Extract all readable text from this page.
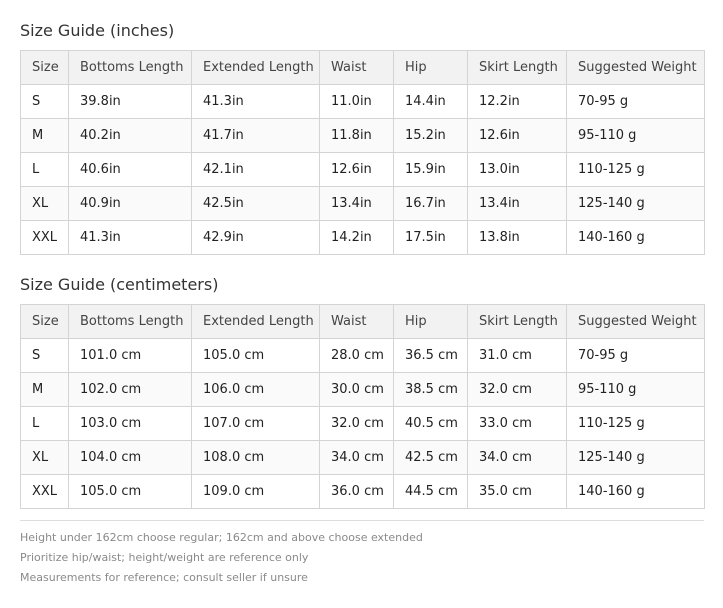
Size Guide (inches)
Size	Bottoms Length	Extended Length	Waist	Hip	Skirt Length	Suggested Weight
S	39.8in	41.3in	11.0in	14.4in	12.2in	70-95 g
M	40.2in	41.7in	11.8in	15.2in	12.6in	95-110 g
L	40.6in	42.1in	12.6in	15.9in	13.0in	110-125 g
XL	40.9in	42.5in	13.4in	16.7in	13.4in	125-140 g
XXL	41.3in	42.9in	14.2in	17.5in	13.8in	140-160 g
Size Guide (centimeters)
Size	Bottoms Length	Extended Length	Waist	Hip	Skirt Length	Suggested Weight
S	101.0 cm	105.0 cm	28.0 cm	36.5 cm	31.0 cm	70-95 g
M	102.0 cm	106.0 cm	30.0 cm	38.5 cm	32.0 cm	95-110 g
L	103.0 cm	107.0 cm	32.0 cm	40.5 cm	33.0 cm	110-125 g
XL	104.0 cm	108.0 cm	34.0 cm	42.5 cm	34.0 cm	125-140 g
XXL	105.0 cm	109.0 cm	36.0 cm	44.5 cm	35.0 cm	140-160 g
Height under 162cm choose regular; 162cm and above choose extended
Prioritize hip/waist; height/weight are reference only
Measurements for reference; consult seller if unsure
